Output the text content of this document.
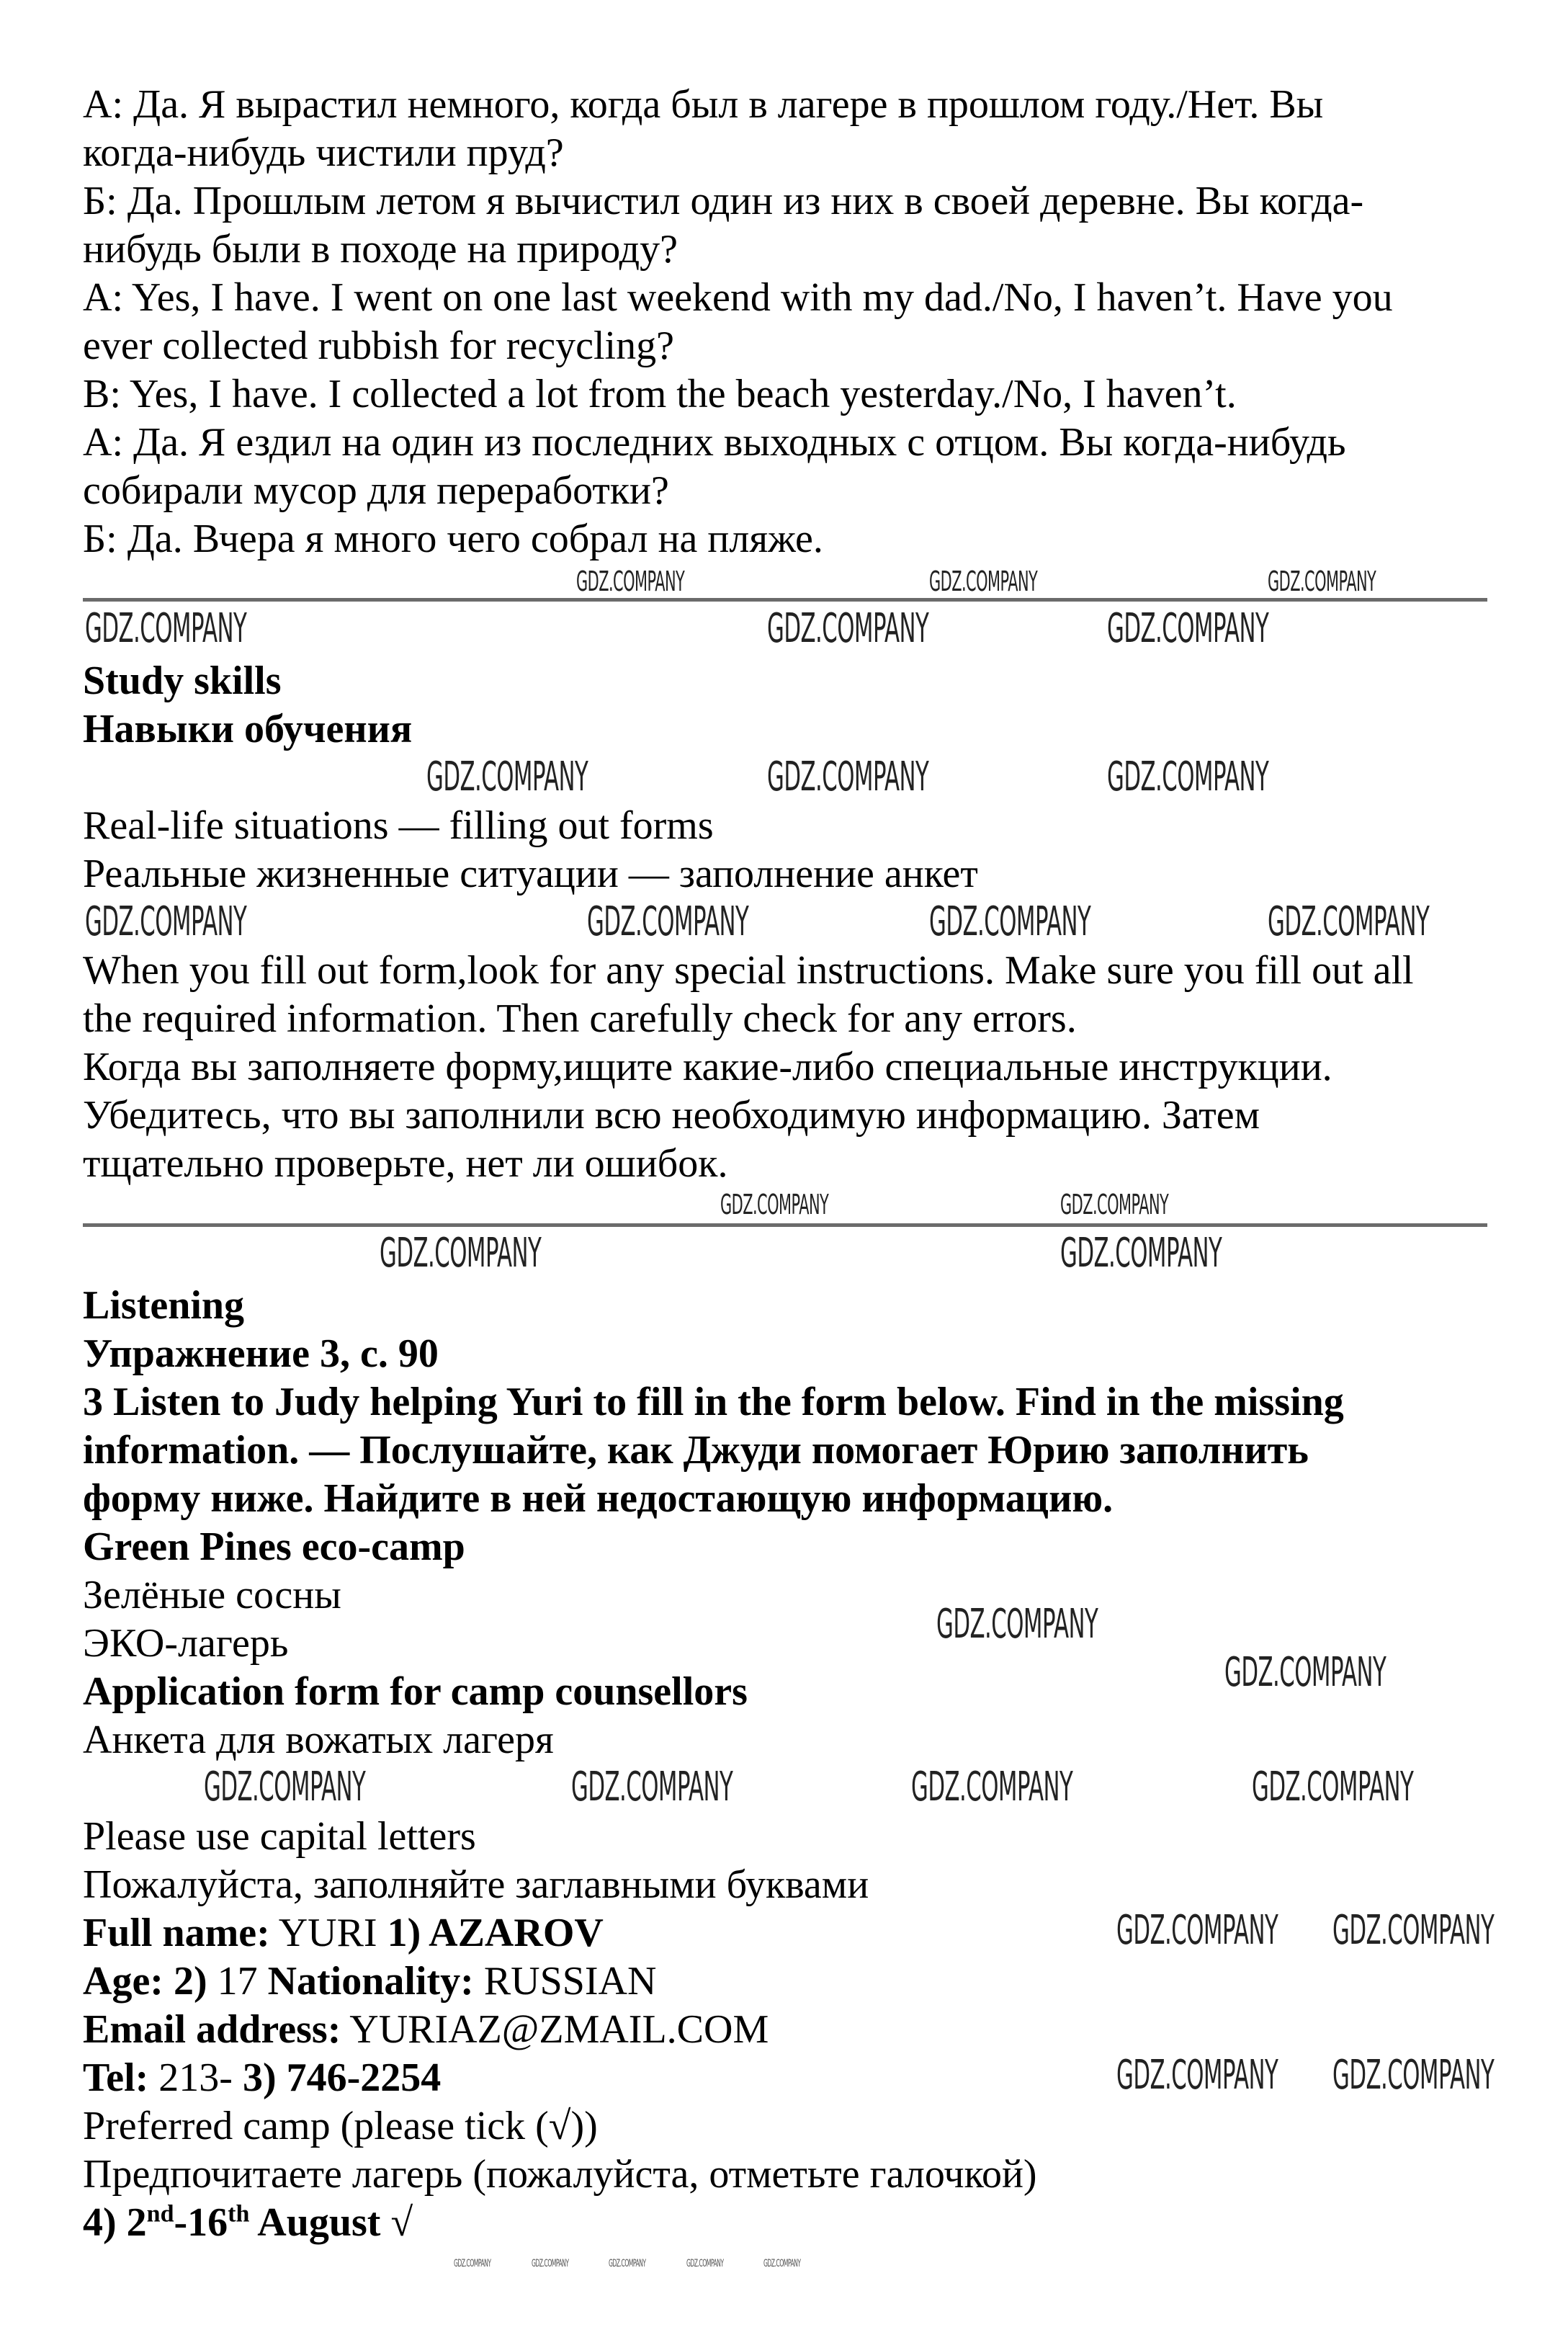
А: Да. Я вырастил немного, когда был в лагере в прошлом году./Нет. Вы
когда-нибудь чистили пруд?
Б: Да. Прошлым летом я вычистил один из них в своей деревне. Вы когда-
нибудь были в походе на природу?
A: Yes, I have. I went on one last weekend with my dad./No, I haven’t. Have you
ever collected rubbish for recycling?
B: Yes, I have. I collected a lot from the beach yesterday./No, I haven’t.
А: Да. Я ездил на один из последних выходных с отцом. Вы когда-нибудь
собирали мусор для переработки?
Б: Да. Вчера я много чего собрал на пляже.
Study skills
Навыки обучения
Real-life situations — filling out forms
Реальные жизненные ситуации — заполнение анкет
When you fill out form,look for any special instructions. Make sure you fill out all
the required information. Then carefully check for any errors.
Когда вы заполняете форму,ищите какие-либо специальные инструкции.
Убедитесь, что вы заполнили всю необходимую информацию. Затем
тщательно проверьте, нет ли ошибок.
Listening
Упражнение 3, с. 90
3 Listen to Judy helping Yuri to fill in the form below. Find in the missing
information. — Послушайте, как Джуди помогает Юрию заполнить
форму ниже. Найдите в ней недостающую информацию.
Green Pines eco-camp
Зелёные сосны
ЭКО-лагерь
Application form for camp counsellors
Анкета для вожатых лагеря
Please use capital letters
Пожалуйста, заполняйте заглавными буквами
Full name: YURI 1) AZAROV
Age: 2) 17 Nationality: RUSSIAN
Email address: YURIAZ@ZMAIL.COM
Tel: 213- 3) 746-2254
Preferred camp (please tick (√))
Предпочитаете лагерь (пожалуйста, отметьте галочкой)
4) 2nd-16th August √
GDZ.COMPANY	GDZ.COMPANY	GDZ.COMPANY
GDZ.COMPANY	GDZ.COMPANY	GDZ.COMPANY
GDZ.COMPANY	GDZ.COMPANY	GDZ.COMPANY
GDZ.COMPANY	GDZ.COMPANY	GDZ.COMPANY	GDZ.COMPANY
GDZ.COMPANY	GDZ.COMPANY
GDZ.COMPANY	GDZ.COMPANY
GDZ.COMPANY
GDZ.COMPANY
GDZ.COMPANY	GDZ.COMPANY	GDZ.COMPANY	GDZ.COMPANY
GDZ.COMPANY GDZ.COMPANY
GDZ.COMPANY GDZ.COMPANY
GDZ.COMPANY	GDZ.COMPANY	GDZ.COMPANY	GDZ.COMPANY	GDZ.COMPANY
